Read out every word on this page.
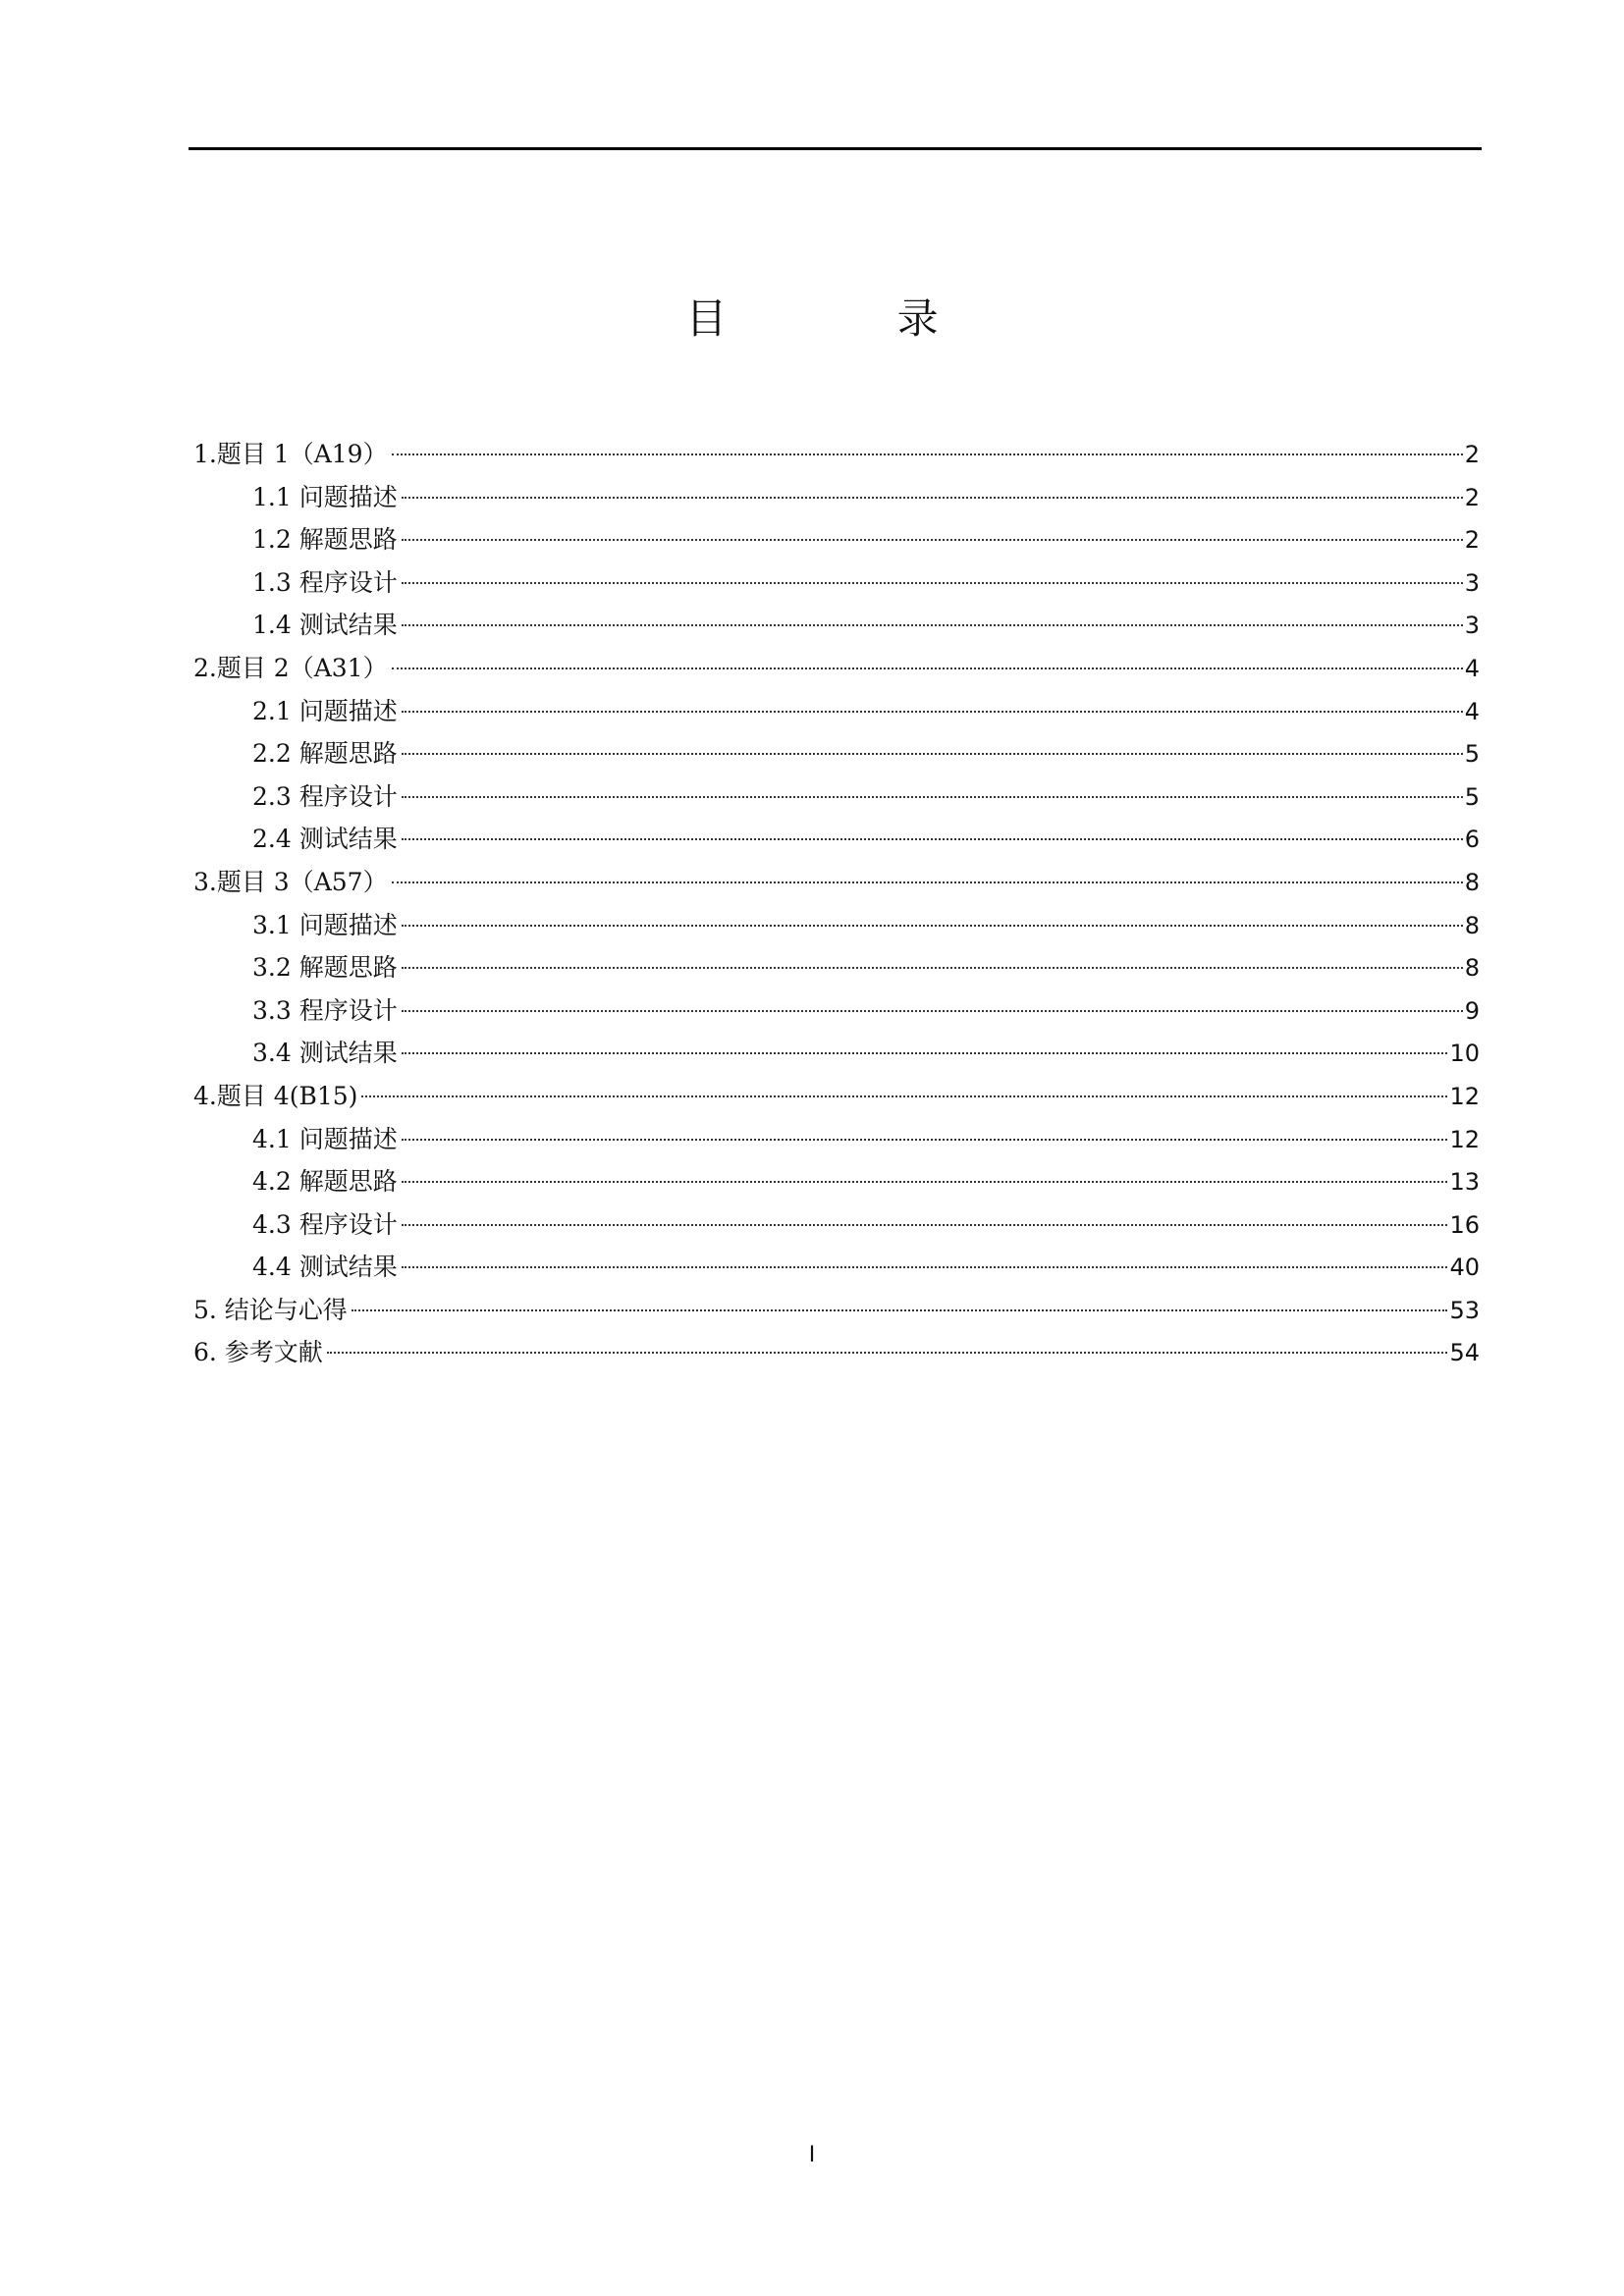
目 录
1.题目 1（A19）	2
1.1 问题描述	2
1.2 解题思路	2
1.3 程序设计	3
1.4 测试结果	3
2.题目 2（A31）	4
2.1 问题描述	4
2.2 解题思路	5
2.3 程序设计	5
2.4 测试结果	6
3.题目 3（A57）	8
3.1 问题描述	8
3.2 解题思路	8
3.3 程序设计	9
3.4 测试结果	10
4.题目 4(B15)	12
4.1 问题描述	12
4.2 解题思路	13
4.3 程序设计	16
4.4 测试结果	40
5. 结论与心得	53
6. 参考文献	54
I
